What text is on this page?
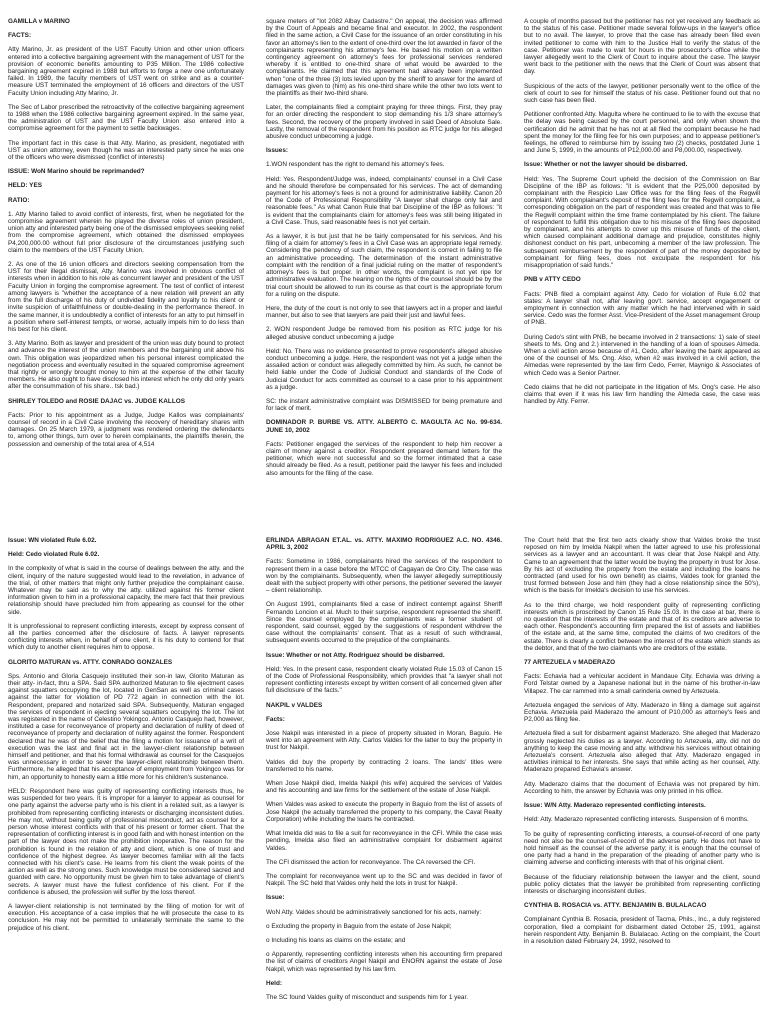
GAMILLA v MARIÑO

FACTS:

Atty Marino, Jr. as president of the UST Faculty Union and other union officers entered into a collective bargaining agreement with the management of UST for the provision of economic benefits amounting to P35 Million. The 1986 collective bargaining agreement expired in 1988 but efforts to forge a new one unfortunately failed. In 1989, the faculty members of UST went on strike and as a counter-measure UST terminated the employment of 16 officers and directors of the UST Faculty Union including Atty Marino, Jr.

The Sec of Labor prescribed the retroactivity of the collective bargaining agreement to 1988 when the 1986 collective bargaining agreement expired. In the same year, the administration of UST and the UST Faculty Union also entered into a compromise agreement for the payment to settle backwages.

The important fact in this case is that Atty. Marino, as president, negotiated with UST as union attorney, even though he was an interested party since he was one of the officers who were dismissed (conflict of interests)

ISSUE: WoN Marino should be reprimanded?

HELD: YES

RATIO:

1. Atty Marino failed to avoid conflict of interests, first, when he negotiated for the compromise agreement wherein he played the diverse roles of union president, union atty and interested party being one of the dismissed employees seeking relief from the compromise agreement, which obtained the dismissed employees P4,200,000.00 without full prior disclosure of the circumstances justifying such claim to the members of the UST Faculty Union.

2. As one of the 16 union officers and directors seeking compensation from the UST for their illegal dismissal, Atty. Marino was involved in obvious conflict of interests when in addition to his role as concurrent lawyer and president of the UST Faculty Union in forging the compromise agreement. The test of conflict of interest among lawyers is "whether the acceptance of a new relation will prevent an atty from the full discharge of his duty of undivided fidelity and loyalty to his client or invite suspicion of unfaithfulness or double-dealing in the performance thereof. In the same manner, it is undoubtedly a conflict of interests for an atty to put himself in a position where self-interest tempts, or worse, actually impels him to do less than his best for his client.

3. Atty Marino. Both as lawyer and president of the union was duty bound to protect and advance the interest of the union members and the bargaining unit above his own. This obligation was jeopardized when his personal interest complicated the negotiation process and eventually resulted in the squared compromise agreement that rightly or wrongly brought money to him at the expense of the other faculty members. He also ought to have disclosed his interest which he only did only years after the consummation of his share.. tsk bad.)

SHIRLEY TOLEDO and ROSIE DAJAC vs. JUDGE KALLOS

Facts: Prior to his appointment as a Judge, Judge Kallos was complainants' counsel of record in a Civil Case involving the recovery of hereditary shares with damages. On 25 March 1979, a judgment was rendered ordering the defendants to, among other things, turn over to herein complainants, the plaintiffs therein, the possession and ownership of the total area of 4,514

square meters of "lot 2082 Albay Cadastre." On appeal, the decision was affirmed by the Court of Appeals and became final and executor. In 2002, the respondent filed in the same action, a Civil Case for the issuance of an order constituting in his favor an attorney's lien to the extent of one-third over the lot awarded in favor of the complainants representing his attorney's fee. He based his motion on a written contingency agreement on attorney's fees for professional services rendered whereby it is entitled to one-third share of what would be awarded to the complainants. He claimed that this agreement had already been implemented when "one of the three (3) lots levied upon by the sheriff to answer for the award of damages was given to (him) as his one-third share while the other two lots went to the plaintiffs as their two-third share.

Later, the complainants filed a complaint praying for three things. First, they pray for an order directing the respondent to stop demanding his 1/3 share attorney's fees. Second, the recovery of the property involved in said Deed of Absolute Sale. Lastly, the removal of the respondent from his position as RTC judge for his alleged abusive conduct unbecoming a judge.

Issues:

1.WON respondent has the right to demand his attorney's fees.

Held: Yes. Respondent/Judge was, indeed, complainants' counsel in a Civil Case and he should therefore be compensated for his services. The act of demanding payment for his attorney's fees is not a ground for administrative liability. Canon 20 of the Code of Professional Responsibility "A lawyer shall charge only fair and reasonable fees." As what Canon Rule that bar Discipline of the IBP as follows: "it is evident that the complainants claim for attorney's fees was still being litigated in a Civil Case. Thus, said reasonable fees is not yet certain.

As a lawyer, it is but just that he be fairly compensated for his services. And his filing of a claim for attorney's fees in a Civil Case was an appropriate legal remedy. Considering the pendency of such claim, the respondent is correct in failing to file an administrative proceeding. The determination of the instant administrative complaint with the rendition of a final judicial ruling on the matter of respondent's attorney's fees is but proper. In other words, the complaint is not yet ripe for administrative evaluation. The hearing on the rights of the counsel should be by the trial court should be allowed to run its course as that court is the appropriate forum for a ruling on the dispute.

Here, the duty of the court is not only to see that lawyers act in a proper and lawful manner, but also to see that lawyers are paid their just and lawful fees.

2. WON respondent Judge be removed from his position as RTC judge for his alleged abusive conduct unbecoming a judge

Held: No. There was no evidence presented to prove respondent's alleged abusive conduct unbecoming a judge. Here, the respondent was not yet a judge when the assailed action or conduct was allegedly committed by him. As such, he cannot be held liable under the Code of Judicial Conduct and standards of the Code of Judicial Conduct for acts committed as counsel to a case prior to his appointment as a judge.

SC: the instant administrative complaint was DISMISSED for being premature and for lack of merit.

DOMINADOR P. BURBE VS. ATTY. ALBERTO C. MAGULTA AC No. 99-634. JUNE 10, 2002

Facts: Petitioner engaged the services of the respondent to help him recover a claim of money against a creditor. Respondent prepared demand letters for the petitioner, which were not successful and so the former intimated that a case should already be filed. As a result, petitioner paid the lawyer his fees and included also amounts for the filing of the case.

A couple of months passed but the petitioner has not yet received any feedback as to the status of his case. Petitioner made several follow-ups in the lawyer's office but to no avail. The lawyer, to prove that the case has already been filed even invited petitioner to come with him to the Justice Hall to verify the status of the case. Petitioner was made to wait for hours in the prosecutor's office while the lawyer allegedly went to the Clerk of Court to inquire about the case. The lawyer went back to the petitioner with the news that the Clerk of Court was absent that day.

Suspicious of the acts of the lawyer, petitioner personally went to the office of the clerk of court to see for himself the status of his case. Petitioner found out that no such case has been filed.

Petitioner confronted Atty. Magulta where he continued to lie to with the excuse that the delay was being caused by the court personnel, and only when shown the certification did he admit that he has not at all filed the complaint because he had spent the money for the filing fee for his own purposes; and to appease petitioner's feelings, he offered to reimburse him by issuing two (2) checks, postdated June 1 and June 5, 1999, in the amounts of P12,000.00 and P8,000.00, respectively.

Issue: Whether or not the lawyer should be disbarred.

Held: Yes. The Supreme Court upheld the decision of the Commission on Bar Discipline of the IBP as follows: "it is evident that the P25,000 deposited by complainant with the Respicio Law Office was for the filing fees of the Regwill complaint. With complainant's deposit of the filing fees for the Regwill complaint, a corresponding obligation on the part of respondent was created and that was to file the Regwill complaint within the time frame contemplated by his client. The failure of respondent to fulfill this obligation due to his misuse of the filing fees deposited by complainant, and his attempts to cover up this misuse of funds of the client, which caused complainant additional damage and prejudice, constitutes highly dishonest conduct on his part, unbecoming a member of the law profession. The subsequent reimbursement by the respondent of part of the money deposited by complainant for filing fees, does not exculpate the respondent for his misappropriation of said funds."

PNB v ATTY CEDO

Facts: PNB filed a complaint against Atty. Cedo for violation of Rule 6.02 that states: A lawyer shall not, after leaving gov't. service, accept engagement or employment in connection with any matter which he had intervened with in said service. Cedo was the former Asst. Vice-President of the Asset management Group of PNB.

During Cedo's stint with PNB, he became involved in 2 transactions: 1) sale of steel sheets to Ms. Ong and 2.) intervened in the handling of a loan of spouses Almeda. When a civil action arose because of #1, Cedo, after leaving the bank appeared as one of the counsel of Ms. Ong. Also, when #2 was involved in a civil action, the Almedas were represented by the law firm Cedo, Ferrer, Maynigo & Associates of which Cedo was a Senior Partner.

Cedo claims that he did not participate in the litigation of Ms. Ong's case. He also claims that even if it was his law firm handling the Almeda case, the case was handled by Atty. Ferrer.

Issue: WN violated Rule 6.02.

Held: Cedo violated Rule 6.02.

In the complexity of what is said in the course of dealings between the atty. and the client, inquiry of the nature suggested would lead to the revelation, in advance of the trial, of other matters that might only further prejudice the complainant cause. Whatever may be said as to why the atty. utilized against his former client information given to him in a professional capacity, the mere fact that their previous relationship should have precluded him from appearing as counsel for the other side.

It is unprofessional to represent conflicting interests, except by express consent of all the parties concerned after the disclosure of facts. A lawyer represents conflicting interests when, in behalf of one client, it is his duty to contend for that which duty to another client requires him to oppose.

GLORITO MATURAN vs. ATTY. CONRADO GONZALES

Sps. Antonio and Gloria Casquejo instituted their son-in law, Glorito Maturan as their atty- in-fact, thru a SPA. Said SPA authorized Maturan to file ejectment cases against squatters occupying the lot, located in GenSan as well as criminal cases against the latter for violation of PD 772 again in connection with the lot. Respondent, prepared and notarized said SPA. Subsequently, Maturan engaged the services of respondent in ejecting several squatters occupying the lot. The lot was registered in the name of Celestino Yokingco. Antonio Casquejo had, however, instituted a case for reconveyance of property and declaration of nullity of deed of reconveyance of property and declaration of nullity against the former. Respondent declared that he was of the belief that the filing a motion for issuance of a writ of execution was the last and final act in the lawyer-client relationship between himself and petitioner, and that his formal withdrawal as counsel for the Casquejos was unnecessary in order to sever the lawyer-client relationship between them. Furthermore, he alleged that his acceptance of employment from Yokingco was for him, an opportunity to honestly earn a little more for his children's sustenance.

HELD: Respondent here was guilty of representing conflicting interests thus, he was suspended for two years. It is improper for a lawyer to appear as counsel for one party against the adverse party who is his client in a related suit, as a lawyer is prohibited from representing conflicting interests or discharging inconsistent duties. He may not, without being guilty of professional misconduct, act as counsel for a person whose interest conflicts with that of his present or former client. That the representation of conflicting interest is in good faith and with honest intention on the part of the lawyer does not make the prohibition inoperative. The reason for the prohibition is found in the relation of atty and client, which is one of trust and confidence of the highest degree. As lawyer becomes familiar with all the facts connected with his client's case. He learns from his client the weak points of the action as well as the strong ones. Such knowledge must be considered sacred and guarded with care. No opportunity must be given him to take advantage of client's secrets. A lawyer must have the fullest confidence of his client. For if the confidence is abused, the profession will suffer by the loss thereof.

A lawyer-client relationship is not terminated by the filing of motion for writ of execution. His acceptance of a case implies that he will prosecute the case to its conclusion. He may not be permitted to unilaterally terminate the same to the prejudice of his client.

ERLINDA ABRAGAN ET.AL. vs. ATTY. MAXIMO RODRIGUEZ A.C. NO. 4346. APRIL 3, 2002

Facts: Sometime in 1986, complainants hired the services of the respondent to represent them in a case before the MTCC of Cagayan de Oro City. The case was won by the complainants. Subsequently, when the lawyer allegedly surreptitiously dealt with the subject property with other persons, the petitioner severed the lawyer – client relationship.

On August 1991, complainants filed a case of indirect contempt against Sheriff Fernando Loncion et al. Much to their surprise, respondent represented the sheriff. Since the counsel employed by the complainants was a former student of respondent, said counsel, egged by the suggestions of respondent withdrew the case without the complainants' consent. That as a result of such withdrawal, subsequent events occurred to the prejudice of the complainants.

Issue: Whether or not Atty. Rodriguez should be disbarred.

Held: Yes. In the present case, respondent clearly violated Rule 15.03 of Canon 15 of the Code of Professional Responsibility, which provides that "a lawyer shall not represent conflicting interests except by written consent of all concerned given after full disclosure of the facts."

NAKPIL v VALDES

Facts:

Jose Nakpil was interested in a piece of property situated in Moran, Baguio. He went into an agreement with Atty. Carlos Valdes for the latter to buy the property in trust for Nakpil.

Valdes did buy the property by contracting 2 loans. The lands' titles were transferred to his name.

When Jose Nakpil died, Imelda Nakpil (his wife) acquired the services of Valdes and his accounting and law firms for the settlement of the estate of Jose Nakpil.

When Valdes was asked to execute the property in Baguio from the list of assets of Jose Nakpil (he actually transferred the property to his company, the Caval Realty Corporation) while including the loans he contracted.

What Imelda did was to file a suit for reconveyance in the CFI. While the case was pending, Imelda also filed an administrative complaint for disbarment against Valdes.

The CFI dismissed the action for reconveyance. The CA reversed the CFI.

The complaint for reconveyance went up to the SC and was decided in favor of Nakpil. The SC held that Valdes only held the lots in trust for Nakpil.

Issue:

WoN Atty. Valdes should be administratively sanctioned for his acts, namely:

o Excluding the property in Baguio from the estate of Jose Nakpil;

o Including his loans as claims on the estate; and

o Apparently, representing conflicting interests when his accounting firm prepared the list of claims of creditors Angel Nakpil and ENORN against the estate of Jose Nakpil, which was represented by his law firm.

Held:

The SC found Valdes guilty of misconduct and suspends him for 1 year.

The Court held that the first two acts clearly show that Valdes broke the trust reposed on him by Imelda Nakpil when the latter agreed to use his professional services as a lawyer and an accountant. It was clear that Jose Nakpil and Atty. Came to an agreement that the latter would be buying the property in trust for Jose. By his act of excluding the property from the estate and including the loans he contracted (and used for his own benefit) as claims, Valdes took for granted the trust formed between Jose and him (they had a close relationship since the 50's), which is the basis for Imelda's decision to use his services.

As to the third charge, we hold respondent guilty of representing conflicting interests which is proscribed by Canon 15 Rule 15.03. In the case at bar, there is no question that the interests of the estate and that of its creditors are adverse to each other. Respondent's accounting firm prepared the list of assets and liabilities of the estate and, at the same time, computed the claims of two creditors of the estate. There is clearly a conflict between the interest of the estate which stands as the debtor, and that of the two claimants who are creditors of the estate.

77 ARTEZUELA v MADERAZO

Facts: Echavia had a vehicular accident in Mandaue City. Echavia was driving a Ford Telstar owned by a Japanese national but in the name of his brother-in-law Villapez. The car rammed into a small carinderia owned by Artezuela.

Artezuela engaged the services of Atty. Maderazo in filing a damage suit against Echavia. Artezuela paid Maderazo the amount of P10,000 as attorney's fees and P2,000 as filing fee.

Artezuela filed a suit for disbarment against Maderazo. She alleged that Maderazo grossly neglected his duties as a lawyer. According to Artezuela, atty. did not do anything to keep the case moving and atty. withdrew his services without obtaining Artezuela's consent. Artezuela also alleged that Atty. Maderazo engaged in activities inimical to her interests. She says that while acting as her counsel, Atty. Maderazo prepared Echavia's answer.

Atty. Maderazo claims that the document of Echavia was not prepared by him. According to him, the answer by Echavia was only printed in his office.

Issue: W/N Atty. Maderazo represented conflicting interests.

Held: Atty. Maderazo represented conflicting interests. Suspension of 6 months.

To be guilty of representing conflicting interests, a counsel-of-record of one party need not also be the counsel-of-record of the adverse party. He does not have to hold himself as the counsel of the adverse party; it is enough that the counsel of one party had a hand in the preparation of the pleading of another party who is claiming adverse and conflicting interests with that of his original client.

Because of the fiduciary relationship between the lawyer and the client, sound public policy dictates that the lawyer be prohibited from representing conflicting interests or discharging inconsistent duties.

CYNTHIA B. ROSACIA vs. ATTY. BENJAMIN B. BULALACAO

Complainant Cynthia B. Rosacia, president of Tacma, Phils., Inc., a duly registered corporation, filed a complaint for disbarment dated October 25, 1991, against herein respondent Atty. Benjamin B. Bulalacao. Acting on the complaint, the Court in a resolution dated February 24, 1992, resolved to
